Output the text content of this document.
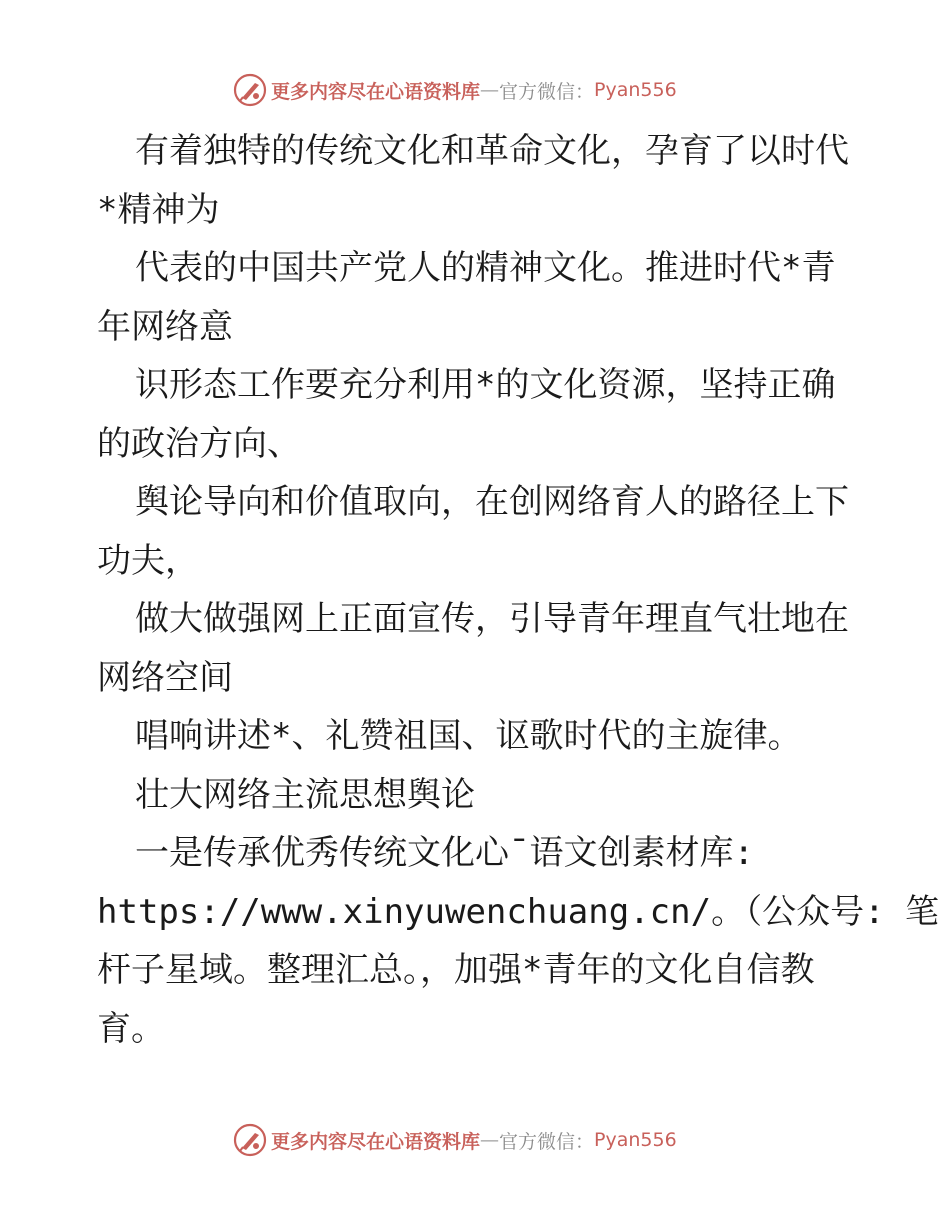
更多内容尽在心语资料库 — 官方微信： Pyan556

有着独特的传统文化和革命文化，孕育了以时代

*精神为

代表的中国共产党人的精神文化。推进时代*青

年网络意

识形态工作要充分利用*的文化资源，坚持正确

的政治方向、

舆论导向和价值取向，在创网络育人的路径上下

功夫，

做大做强网上正面宣传，引导青年理直气壮地在

网络空间

唱响讲述*、礼赞祖国、讴歌时代的主旋律。

壮大网络主流思想舆论

一是传承优秀传统文化心¯语文创素材库:

https://www.xinyuwenchuang.cn/。（公众号: 笔

杆子星域。整理汇总。，加强*青年的文化自信教

育。

更多内容尽在心语资料库 — 官方微信： Pyan556
